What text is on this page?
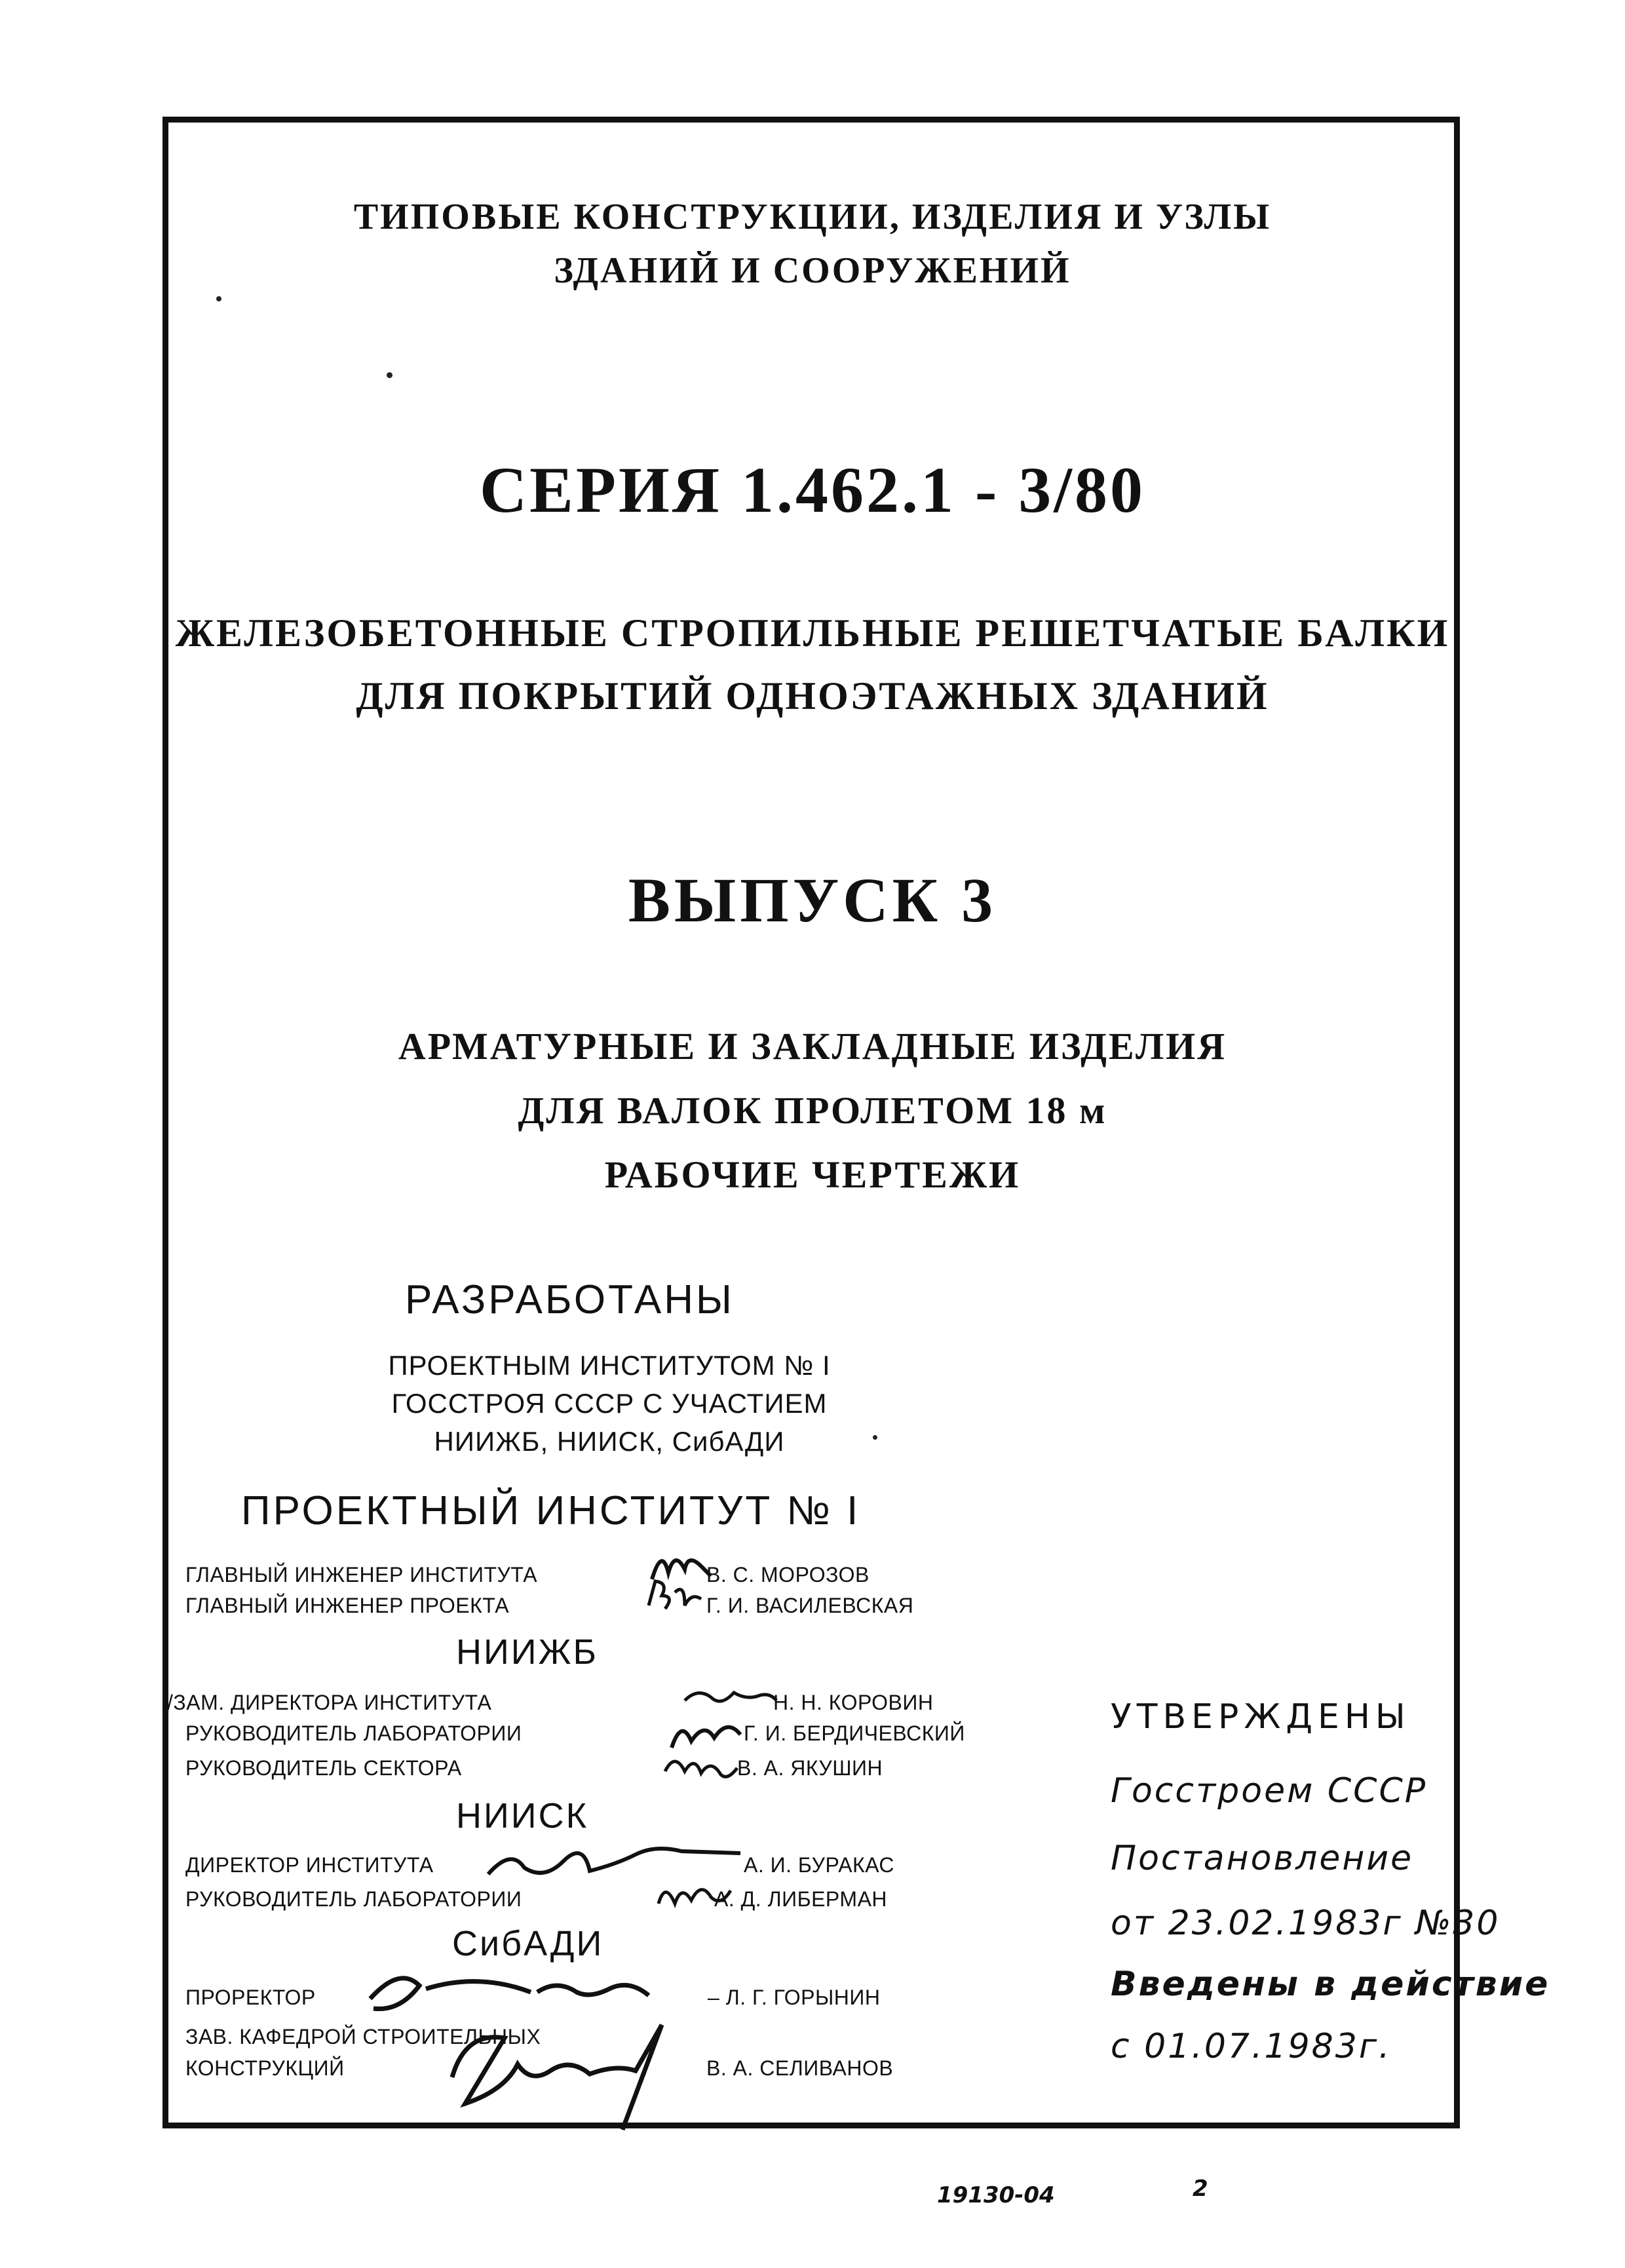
ТИПОВЫЕ КОНСТРУКЦИИ, ИЗДЕЛИЯ И УЗЛЫ
ЗДАНИЙ И СООРУЖЕНИЙ
СЕРИЯ 1.462.1 - 3/80
ЖЕЛЕЗОБЕТОННЫЕ СТРОПИЛЬНЫЕ РЕШЕТЧАТЫЕ БАЛКИ
ДЛЯ ПОКРЫТИЙ ОДНОЭТАЖНЫХ ЗДАНИЙ
ВЫПУСК 3
АРМАТУРНЫЕ И ЗАКЛАДНЫЕ ИЗДЕЛИЯ
ДЛЯ ВАЛОК ПРОЛЕТОМ 18 м
РАБОЧИЕ ЧЕРТЕЖИ
РАЗРАБОТАНЫ
ПРОЕКТНЫМ ИНСТИТУТОМ № I
ГОССТРОЯ СССР С УЧАСТИЕМ
НИИЖБ, НИИСК, СибАДИ
ПРОЕКТНЫЙ ИНСТИТУТ № I
ГЛАВНЫЙ ИНЖЕНЕР ИНСТИТУТА	В. С. МОРОЗОВ
ГЛАВНЫЙ ИНЖЕНЕР ПРОЕКТА	Г. И. ВАСИЛЕВСКАЯ
НИИЖБ
/ЗАМ. ДИРЕКТОРА ИНСТИТУТА	Н. Н. КОРОВИН
РУКОВОДИТЕЛЬ ЛАБОРАТОРИИ	Г. И. БЕРДИЧЕВСКИЙ
РУКОВОДИТЕЛЬ СЕКТОРА	В. А. ЯКУШИН
НИИСК
ДИРЕКТОР ИНСТИТУТА	А. И. БУРАКАС
РУКОВОДИТЕЛЬ ЛАБОРАТОРИИ	А. Д. ЛИБЕРМАН
СибАДИ
ПРОРЕКТОР	– Л. Г. ГОРЫНИН
ЗАВ. КАФЕДРОЙ СТРОИТЕЛЬНЫХ
КОНСТРУКЦИЙ	В. А. СЕЛИВАНОВ
УТВЕРЖДЕНЫ
Госстроем СССР
Постановление
от 23.02.1983г №30
Введены в действие
с 01.07.1983г.
19130-04	2
